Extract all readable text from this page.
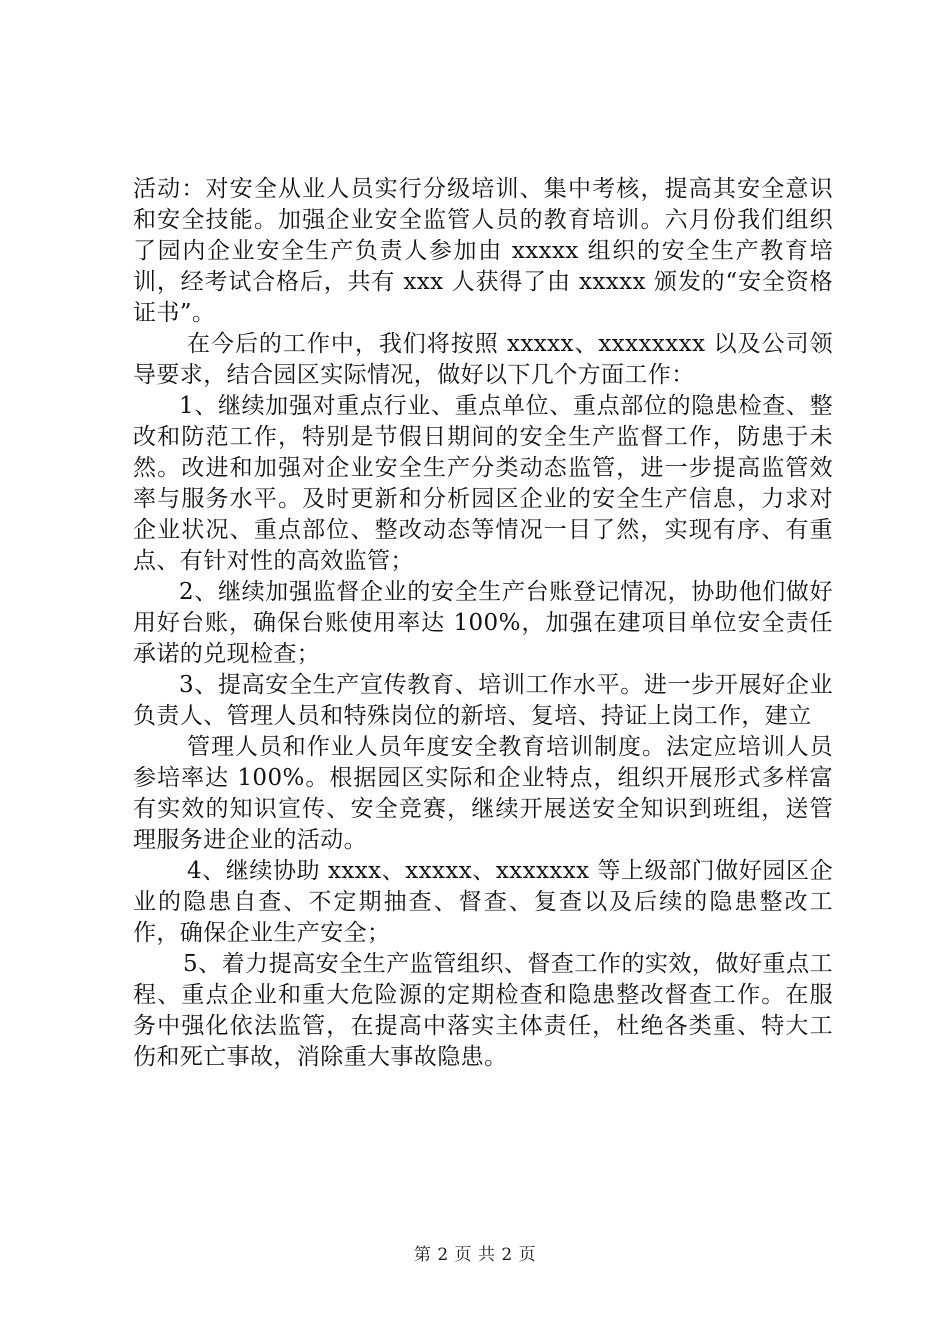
活动：对安全从业人员实行分级培训、集中考核，提高其安全意识和安全技能。加强企业安全监管人员的教育培训。六月份我们组织了园内企业安全生产负责人参加由 xxxxx 组织的安全生产教育培训，经考试合格后，共有 xxx 人获得了由 xxxxx 颁发的“安全资格证书”。

在今后的工作中，我们将按照 xxxxx、xxxxxxxx 以及公司领导要求，结合园区实际情况，做好以下几个方面工作：

1、继续加强对重点行业、重点单位、重点部位的隐患检查、整改和防范工作，特别是节假日期间的安全生产监督工作，防患于未然。改进和加强对企业安全生产分类动态监管，进一步提高监管效率与服务水平。及时更新和分析园区企业的安全生产信息，力求对企业状况、重点部位、整改动态等情况一目了然，实现有序、有重点、有针对性的高效监管；

2、继续加强监督企业的安全生产台账登记情况，协助他们做好用好台账，确保台账使用率达 100%，加强在建项目单位安全责任承诺的兑现检查；

3、提高安全生产宣传教育、培训工作水平。进一步开展好企业负责人、管理人员和特殊岗位的新培、复培、持证上岗工作，建立

管理人员和作业人员年度安全教育培训制度。法定应培训人员参培率达 100%。根据园区实际和企业特点，组织开展形式多样富有实效的知识宣传、安全竞赛，继续开展送安全知识到班组，送管理服务进企业的活动。

4、继续协助 xxxx、xxxxx、xxxxxxx 等上级部门做好园区企业的隐患自查、不定期抽查、督查、复查以及后续的隐患整改工作，确保企业生产安全；

5、着力提高安全生产监管组织、督查工作的实效，做好重点工程、重点企业和重大危险源的定期检查和隐患整改督查工作。在服务中强化依法监管，在提高中落实主体责任，杜绝各类重、特大工伤和死亡事故，消除重大事故隐患。

第 2 页 共 2 页
